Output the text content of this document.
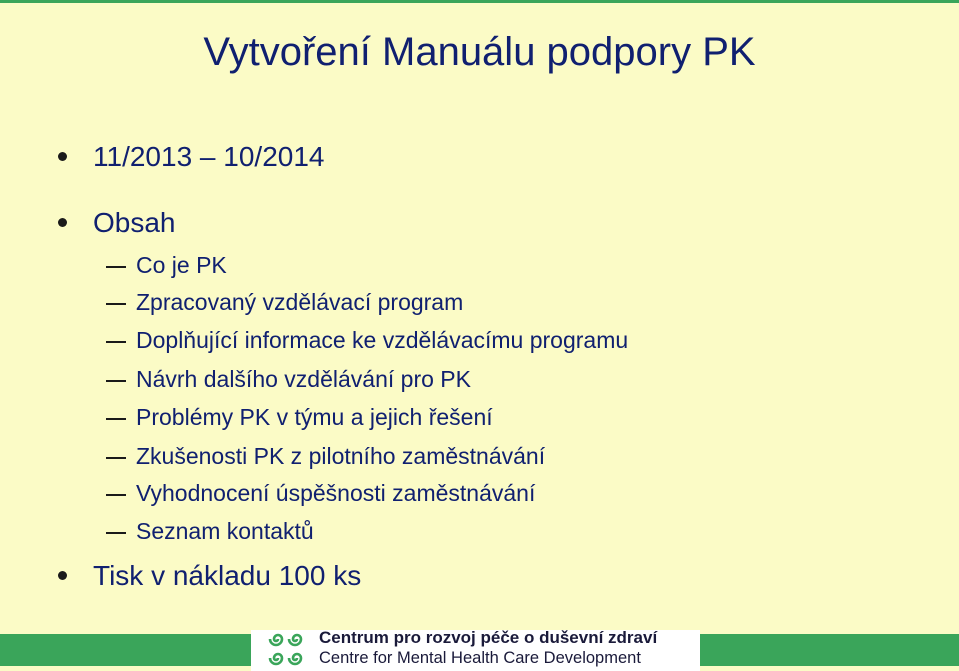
Vytvoření Manuálu podpory PK
11/2013 – 10/2014
Obsah
Co je PK
Zpracovaný vzdělávací program
Doplňující informace ke vzdělávacímu programu
Návrh dalšího vzdělávání pro PK
Problémy PK v týmu a jejich řešení
Zkušenosti PK z pilotního zaměstnávání
Vyhodnocení úspěšnosti zaměstnávání
Seznam kontaktů
Tisk v nákladu 100 ks
Centrum pro rozvoj péče o duševní zdraví
Centre for Mental Health Care Development
